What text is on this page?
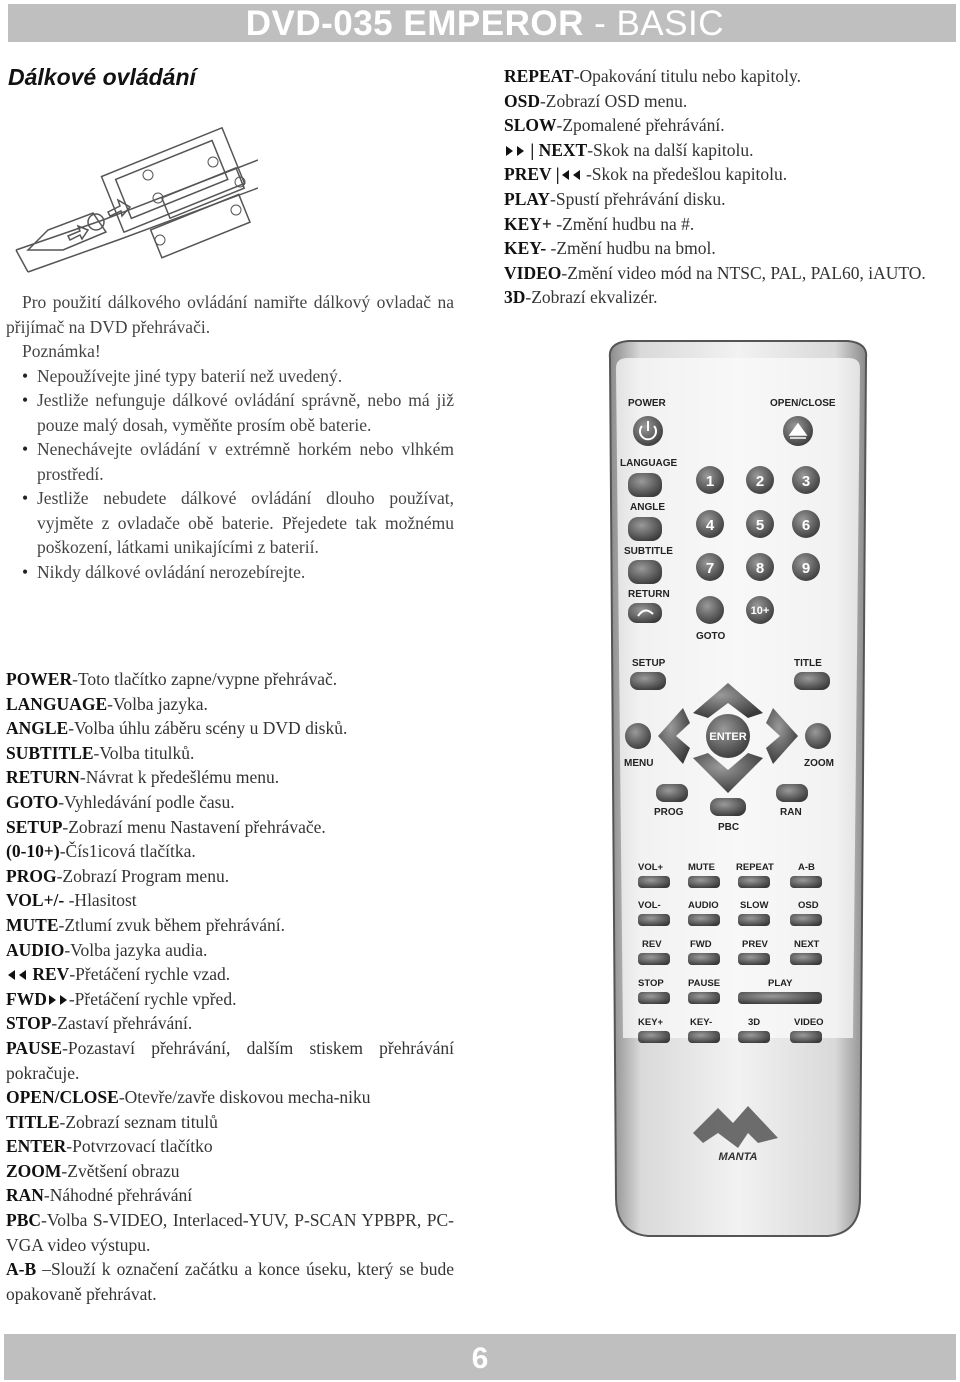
DVD-035 EMPEROR - BASIC
Dálkové ovládání

Pro použití dálkového ovládání namiřte dálkový ovladač na přijímač na DVD přehrávači.

Poznámka!

• Nepoužívejte jiné typy baterií než uvedený.
• Jestliže nefunguje dálkové ovládání správně, nebo má již pouze malý dosah, vyměňte prosím obě baterie.
• Nenechávejte ovládání v extrémně horkém nebo vlhkém prostředí.
• Jestliže nebudete dálkové ovládání dlouho používat, vyjměte z ovladače obě baterie. Přejedete tak možnému poškození, látkami unikajícími z baterií.
• Nikdy dálkové ovládání nerozebírejte.
POWER-Toto tlačítko zapne/vypne přehrávač.
LANGUAGE-Volba jazyka.
ANGLE-Volba úhlu záběru scény u DVD disků.
SUBTITLE-Volba titulků.
RETURN-Návrat k předešlému menu.
GOTO-Vyhledávání podle času.
SETUP-Zobrazí menu Nastavení přehrávače.
(0-10+)-Čís1icová tlačítka.
PROG-Zobrazí Program menu.
VOL+/- -Hlasitost
MUTE-Ztlumí zvuk během přehrávání.
AUDIO-Volba jazyka audia.
REV-Přetáčení rychle vzad.
FWD -Přetáčení rychle vpřed.
STOP-Zastaví přehrávání.
PAUSE-Pozastaví přehrávání, dalším stiskem přehrávání pokračuje.
OPEN/CLOSE-Otevře/zavře diskovou mecha-niku
TITLE-Zobrazí seznam titulů
ENTER-Potvrzovací tlačítko
ZOOM-Zvětšení obrazu
RAN-Náhodné přehrávání
PBC-Volba S-VIDEO, Interlaced-YUV, P-SCAN YPBPR, PC-VGA video výstupu.
A-B –Slouží k označení začátku a konce úseku, který se bude opakovaně přehrávat.
REPEAT-Opakování titulu nebo kapitoly.
OSD-Zobrazí OSD menu.
SLOW-Zpomalené přehrávání.
| NEXT-Skok na další kapitolu.
PREV | -Skok na předešlou kapitolu.
PLAY-Spustí přehrávání disku.
KEY+ -Změní hudbu na #.
KEY- -Změní hudbu na bmol.
VIDEO-Změní video mód na NTSC, PAL, PAL60, iAUTO.
3D-Zobrazí ekvalizér.
POWER	OPEN/CLOSE
LANGUAGE
ANGLE
SUBTITLE
RETURN
GOTO
SETUP	TITLE
MENU	ZOOM
PROG
PBC
RAN
VOL+	MUTE REPEAT	A-B
VOL-	AUDIO SLOW	OSD
REV	FWD	PREV	NEXT
STOP	PAUSE	PLAY
KEY+	KEY-	3D	VIDEO
1	2	3
4	5	6
7	8	9
10+
ENTER
MANTA
6
